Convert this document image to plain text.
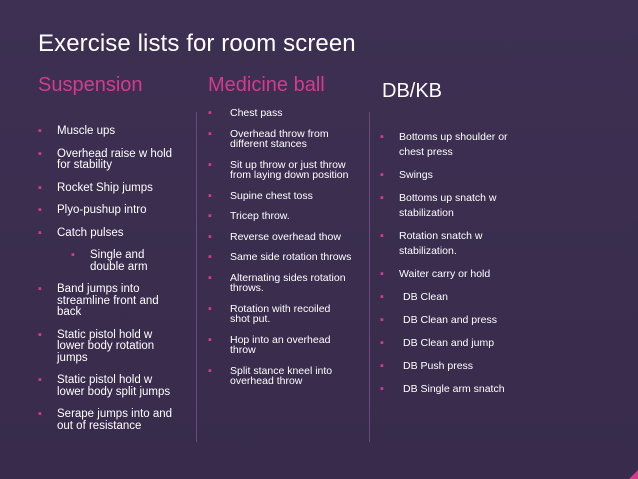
Exercise lists for room screen
Suspension	Medicine ball	DB/KB
▪	Muscle ups
▪	Overhead raise w hold for stability
▪	Rocket Ship jumps
▪	Plyo-pushup intro
▪	Catch pulses
▪	Single and double arm
▪	Band jumps into streamline front and back
▪	Static pistol hold w lower body rotation jumps
▪	Static pistol hold w lower body split jumps
▪	Serape jumps into and out of resistance
▪	Chest pass
▪	Overhead throw from different stances
▪	Sit up throw or just throw from laying down position
▪	Supine chest toss
▪	Tricep throw.
▪	Reverse overhead thow
▪	Same side rotation throws
▪	Alternating sides rotation throws.
▪	Rotation with recoiled shot put.
▪	Hop into an overhead throw
▪	Split stance kneel into overhead throw
▪	Bottoms up shoulder or chest press
▪	Swings
▪	Bottoms up snatch w stabilization
▪	Rotation snatch w stabilization.
▪	Waiter carry or hold
▪	DB Clean
▪	DB Clean and press
▪	DB Clean and jump
▪	DB Push press
▪	DB Single arm snatch
